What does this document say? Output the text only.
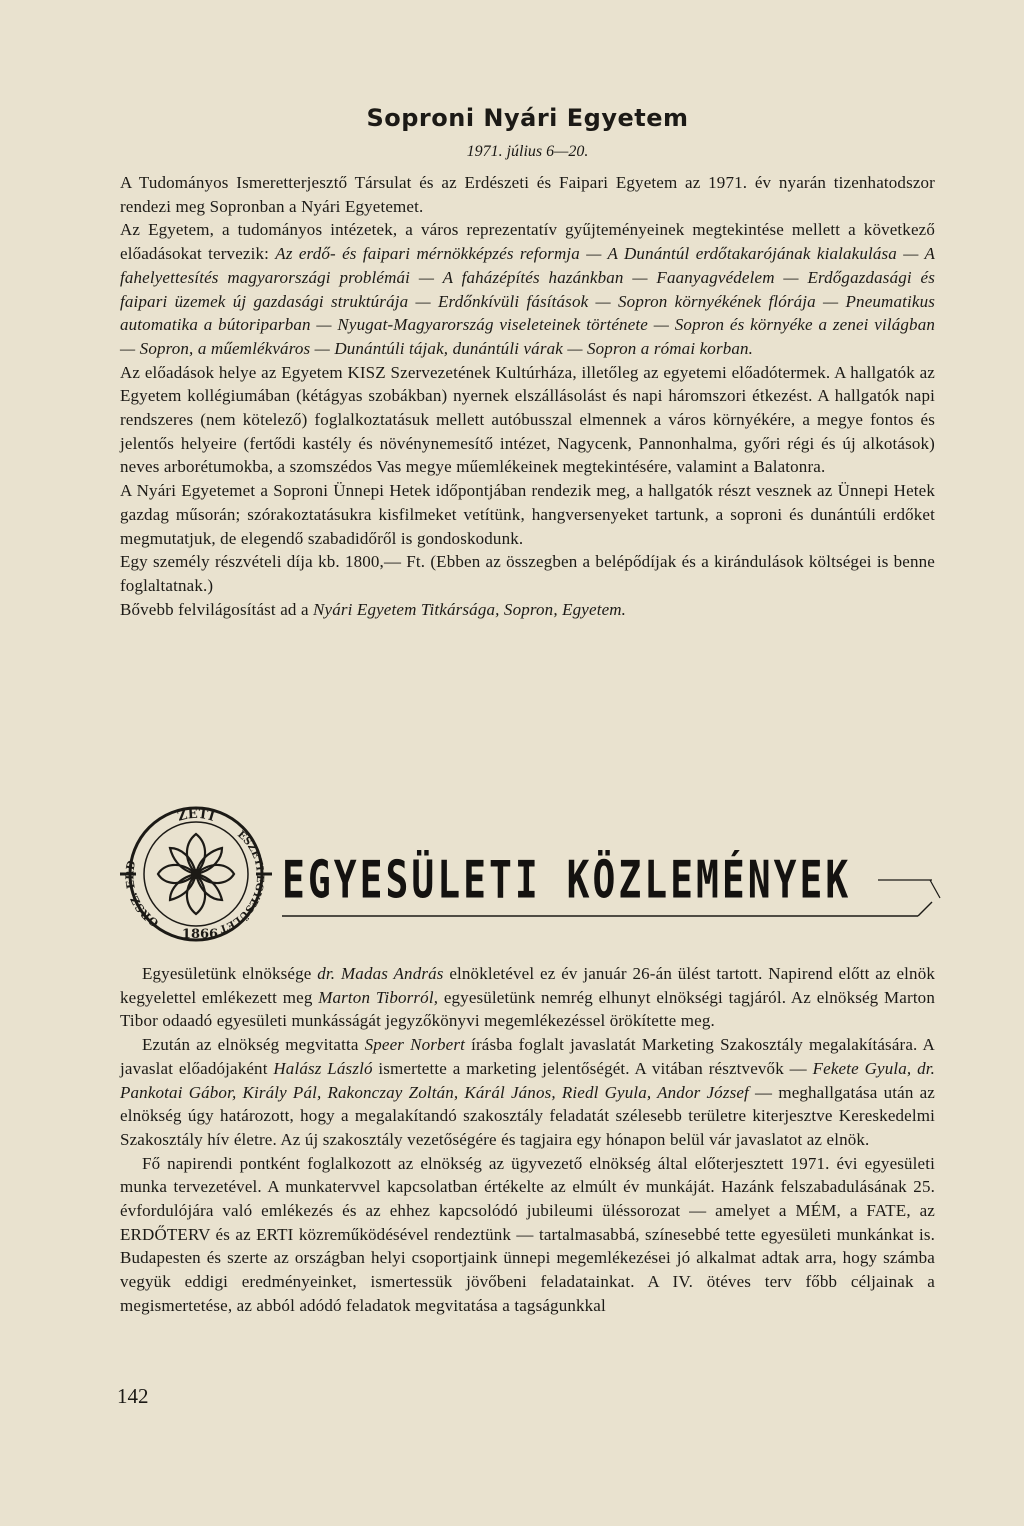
Soproni Nyári Egyetem
1971. július 6—20.

A Tudományos Ismeretterjesztő Társulat és az Erdészeti és Faipari Egyetem az 1971. év nyarán tizenhatodszor rendezi meg Sopronban a Nyári Egyetemet.

Az Egyetem, a tudományos intézetek, a város reprezentatív gyűjteményeinek megtekintése mellett a következő előadásokat tervezik: Az erdő- és faipari mérnökképzés reformja — A Dunántúl erdőtakarójának kialakulása — A fahelyettesítés magyarországi problémái — A faházépítés hazánkban — Faanyagvédelem — Erdőgazdasági és faipari üzemek új gazdasági struktúrája — Erdőnkívüli fásítások — Sopron környékének flórája — Pneumatikus automatika a bútoriparban — Nyugat-Magyarország viseleteinek története — Sopron és környéke a zenei világban — Sopron, a műemlékváros — Dunántúli tájak, dunántúli várak — Sopron a római korban.

Az előadások helye az Egyetem KISZ Szervezetének Kultúrháza, illetőleg az egyetemi előadótermek. A hallgatók az Egyetem kollégiumában (kétágyas szobákban) nyernek elszállásolást és napi háromszori étkezést. A hallgatók napi rendszeres (nem kötelező) foglalkoztatásuk mellett autóbusszal elmennek a város környékére, a megye fontos és jelentős helyeire (fertődi kastély és növénynemesítő intézet, Nagycenk, Pannonhalma, győri régi és új alkotások) neves arborétumokba, a szomszédos Vas megye műemlékeinek megtekintésére, valamint a Balatonra.

A Nyári Egyetemet a Soproni Ünnepi Hetek időpontjában rendezik meg, a hallgatók részt vesznek az Ünnepi Hetek gazdag műsorán; szórakoztatásukra kisfilmeket vetítünk, hangversenyeket tartunk, a soproni és dunántúli erdőket megmutatjuk, de elegendő szabadidőről is gondoskodunk.

Egy személy részvételi díja kb. 1800,— Ft. (Ebben az összegben a belépődíjak és a kirándulások költségei is benne foglaltatnak.)

Bővebb felvilágosítást ad a Nyári Egyetem Titkársága, Sopron, Egyetem.

ZETI
ORSZ. ERD
ÉSZETI EGYESÜLET
1866
EGYESÜLETI KÖZLEMÉNYEK

Egyesületünk elnöksége dr. Madas András elnökletével ez év január 26-án ülést tartott. Napirend előtt az elnök kegyelettel emlékezett meg Marton Tiborról, egyesületünk nemrég elhunyt elnökségi tagjáról. Az elnökség Marton Tibor odaadó egyesületi munkásságát jegyzőkönyvi megemlékezéssel örökítette meg.

Ezután az elnökség megvitatta Speer Norbert írásba foglalt javaslatát Marketing Szakosztály megalakítására. A javaslat előadójaként Halász László ismertette a marketing jelentőségét. A vitában résztvevők — Fekete Gyula, dr. Pankotai Gábor, Király Pál, Rakonczay Zoltán, Kárál János, Riedl Gyula, Andor József — meghallgatása után az elnökség úgy határozott, hogy a megalakítandó szakosztály feladatát szélesebb területre kiterjesztve Kereskedelmi Szakosztály hív életre. Az új szakosztály vezetőségére és tagjaira egy hónapon belül vár javaslatot az elnök.

Fő napirendi pontként foglalkozott az elnökség az ügyvezető elnökség által előterjesztett 1971. évi egyesületi munka tervezetével. A munkatervvel kapcsolatban értékelte az elmúlt év munkáját. Hazánk felszabadulásának 25. évfordulójára való emlékezés és az ehhez kapcsolódó jubileumi üléssorozat — amelyet a MÉM, a FATE, az ERDŐTERV és az ERTI közreműködésével rendeztünk — tartalmasabbá, színesebbé tette egyesületi munkánkat is. Budapesten és szerte az országban helyi csoportjaink ünnepi megemlékezései jó alkalmat adtak arra, hogy számba vegyük eddigi eredményeinket, ismertessük jövőbeni feladatainkat. A IV. ötéves terv főbb céljainak a megismertetése, az abból adódó feladatok megvitatása a tagságunkkal

142
